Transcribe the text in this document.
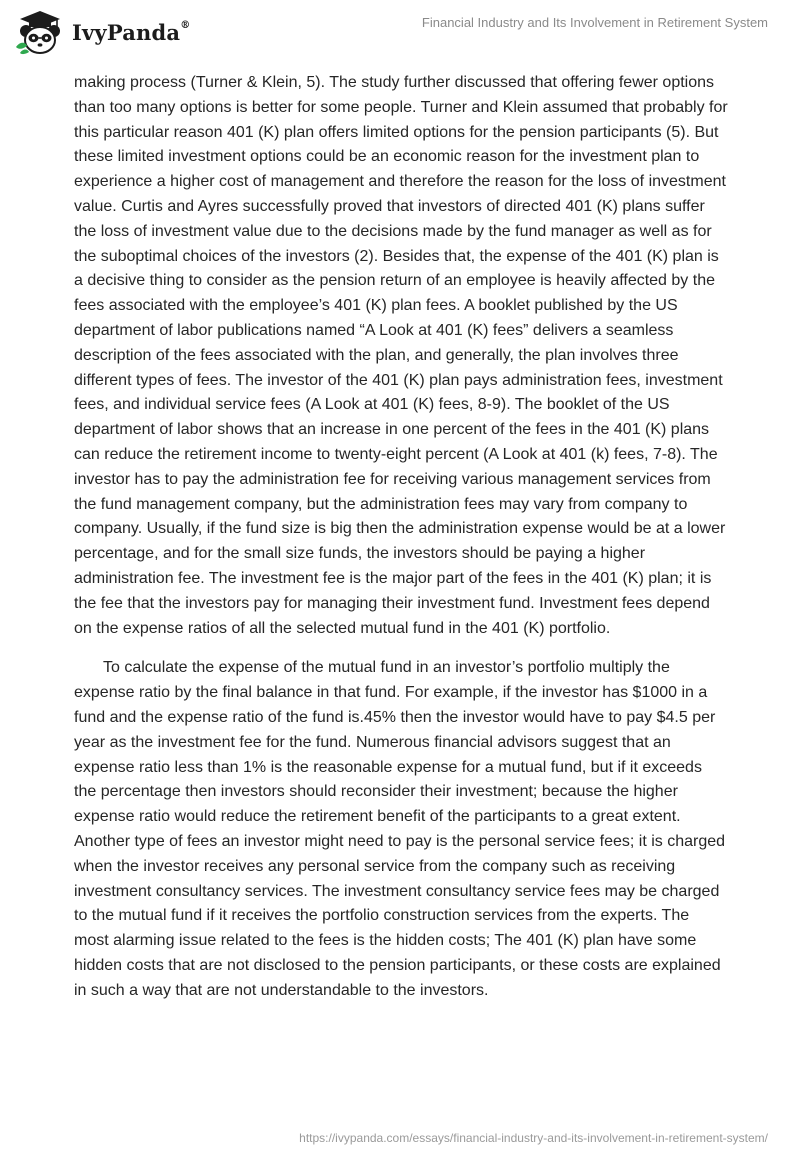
IvyPanda®	Financial Industry and Its Involvement in Retirement System

making process (Turner & Klein, 5). The study further discussed that offering fewer options than too many options is better for some people. Turner and Klein assumed that probably for this particular reason 401 (K) plan offers limited options for the pension participants (5). But these limited investment options could be an economic reason for the investment plan to experience a higher cost of management and therefore the reason for the loss of investment value. Curtis and Ayres successfully proved that investors of directed 401 (K) plans suffer the loss of investment value due to the decisions made by the fund manager as well as for the suboptimal choices of the investors (2). Besides that, the expense of the 401 (K) plan is a decisive thing to consider as the pension return of an employee is heavily affected by the fees associated with the employee’s 401 (K) plan fees. A booklet published by the US department of labor publications named “A Look at 401 (K) fees” delivers a seamless description of the fees associated with the plan, and generally, the plan involves three different types of fees. The investor of the 401 (K) plan pays administration fees, investment fees, and individual service fees (A Look at 401 (K) fees, 8-9). The booklet of the US department of labor shows that an increase in one percent of the fees in the 401 (K) plans can reduce the retirement income to twenty-eight percent (A Look at 401 (k) fees, 7-8). The investor has to pay the administration fee for receiving various management services from the fund management company, but the administration fees may vary from company to company. Usually, if the fund size is big then the administration expense would be at a lower percentage, and for the small size funds, the investors should be paying a higher administration fee. The investment fee is the major part of the fees in the 401 (K) plan; it is the fee that the investors pay for managing their investment fund. Investment fees depend on the expense ratios of all the selected mutual fund in the 401 (K) portfolio.

To calculate the expense of the mutual fund in an investor’s portfolio multiply the expense ratio by the final balance in that fund. For example, if the investor has $1000 in a fund and the expense ratio of the fund is.45% then the investor would have to pay $4.5 per year as the investment fee for the fund. Numerous financial advisors suggest that an expense ratio less than 1% is the reasonable expense for a mutual fund, but if it exceeds the percentage then investors should reconsider their investment; because the higher expense ratio would reduce the retirement benefit of the participants to a great extent. Another type of fees an investor might need to pay is the personal service fees; it is charged when the investor receives any personal service from the company such as receiving investment consultancy services. The investment consultancy service fees may be charged to the mutual fund if it receives the portfolio construction services from the experts. The most alarming issue related to the fees is the hidden costs; The 401 (K) plan have some hidden costs that are not disclosed to the pension participants, or these costs are explained in such a way that are not understandable to the investors.

https://ivypanda.com/essays/financial-industry-and-its-involvement-in-retirement-system/
